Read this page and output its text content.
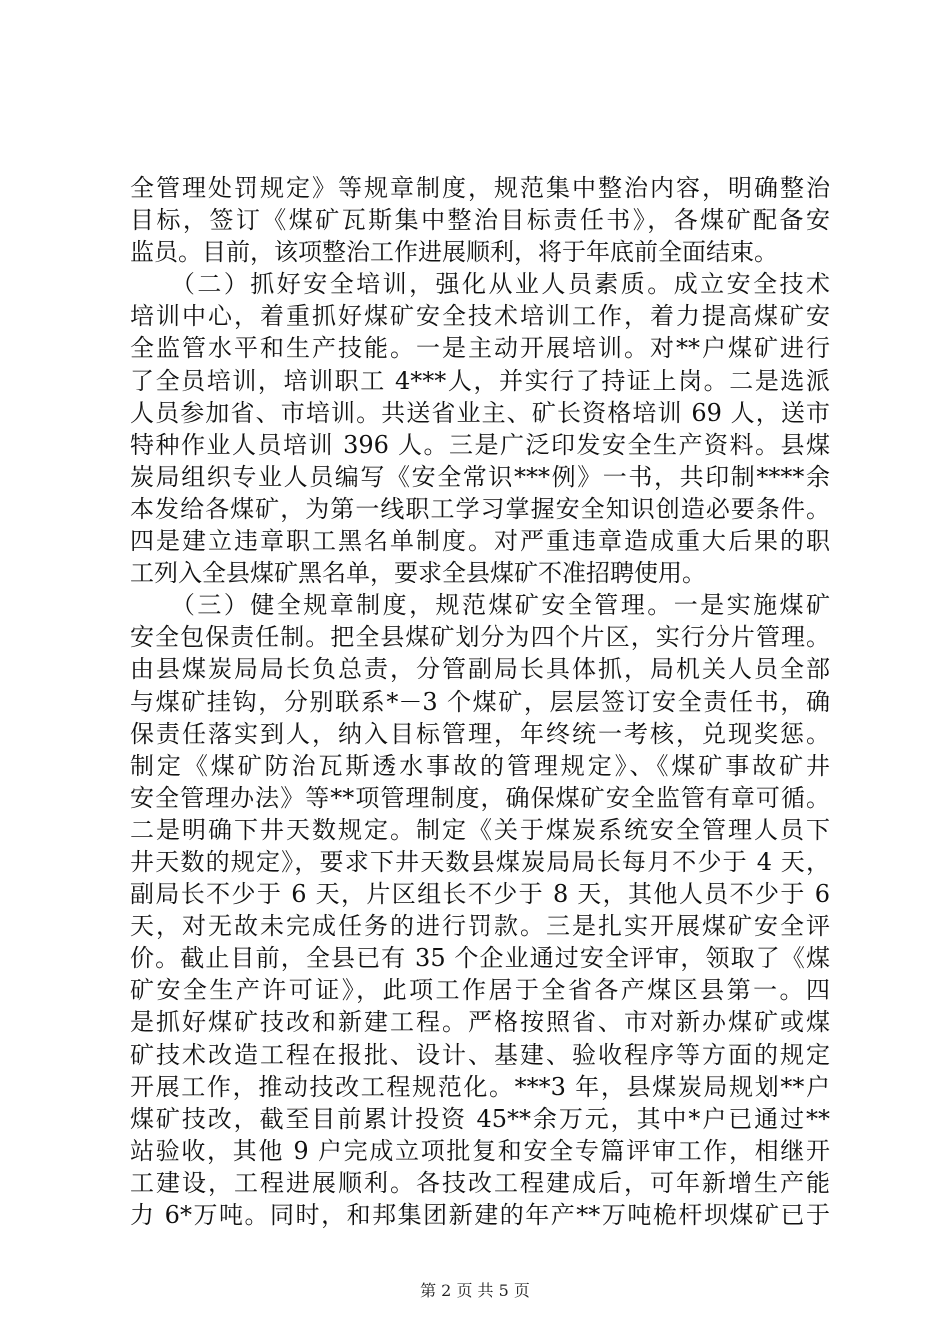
全管理处罚规定》等规章制度，规范集中整治内容，明确整治
目标，签订《煤矿瓦斯集中整治目标责任书》，各煤矿配备安
监员。目前，该项整治工作进展顺利，将于年底前全面结束。
　　（二）抓好安全培训，强化从业人员素质。成立安全技术
培训中心，着重抓好煤矿安全技术培训工作，着力提高煤矿安
全监管水平和生产技能。一是主动开展培训。对**户煤矿进行
了全员培训，培训职工 4***人，并实行了持证上岗。二是选派
人员参加省、市培训。共送省业主、矿长资格培训 69 人，送市
特种作业人员培训 396 人。三是广泛印发安全生产资料。县煤
炭局组织专业人员编写《安全常识***例》一书，共印制****余
本发给各煤矿，为第一线职工学习掌握安全知识创造必要条件。
四是建立违章职工黑名单制度。对严重违章造成重大后果的职
工列入全县煤矿黑名单，要求全县煤矿不准招聘使用。
　　（三）健全规章制度，规范煤矿安全管理。一是实施煤矿
安全包保责任制。把全县煤矿划分为四个片区，实行分片管理。
由县煤炭局局长负总责，分管副局长具体抓，局机关人员全部
与煤矿挂钩，分别联系*－3 个煤矿，层层签订安全责任书，确
保责任落实到人，纳入目标管理，年终统一考核，兑现奖惩。
制定《煤矿防治瓦斯透水事故的管理规定》、《煤矿事故矿井
安全管理办法》等**项管理制度，确保煤矿安全监管有章可循。
二是明确下井天数规定。制定《关于煤炭系统安全管理人员下
井天数的规定》，要求下井天数县煤炭局局长每月不少于 4 天，
副局长不少于 6 天，片区组长不少于 8 天，其他人员不少于 6
天，对无故未完成任务的进行罚款。三是扎实开展煤矿安全评
价。截止目前，全县已有 35 个企业通过安全评审，领取了《煤
矿安全生产许可证》，此项工作居于全省各产煤区县第一。四
是抓好煤矿技改和新建工程。严格按照省、市对新办煤矿或煤
矿技术改造工程在报批、设计、基建、验收程序等方面的规定
开展工作，推动技改工程规范化。***3 年，县煤炭局规划**户
煤矿技改，截至目前累计投资 45**余万元，其中*户已通过**
站验收，其他 9 户完成立项批复和安全专篇评审工作，相继开
工建设，工程进展顺利。各技改工程建成后，可年新增生产能
力 6*万吨。同时，和邦集团新建的年产**万吨桅杆坝煤矿已于
第 2 页 共 5 页
